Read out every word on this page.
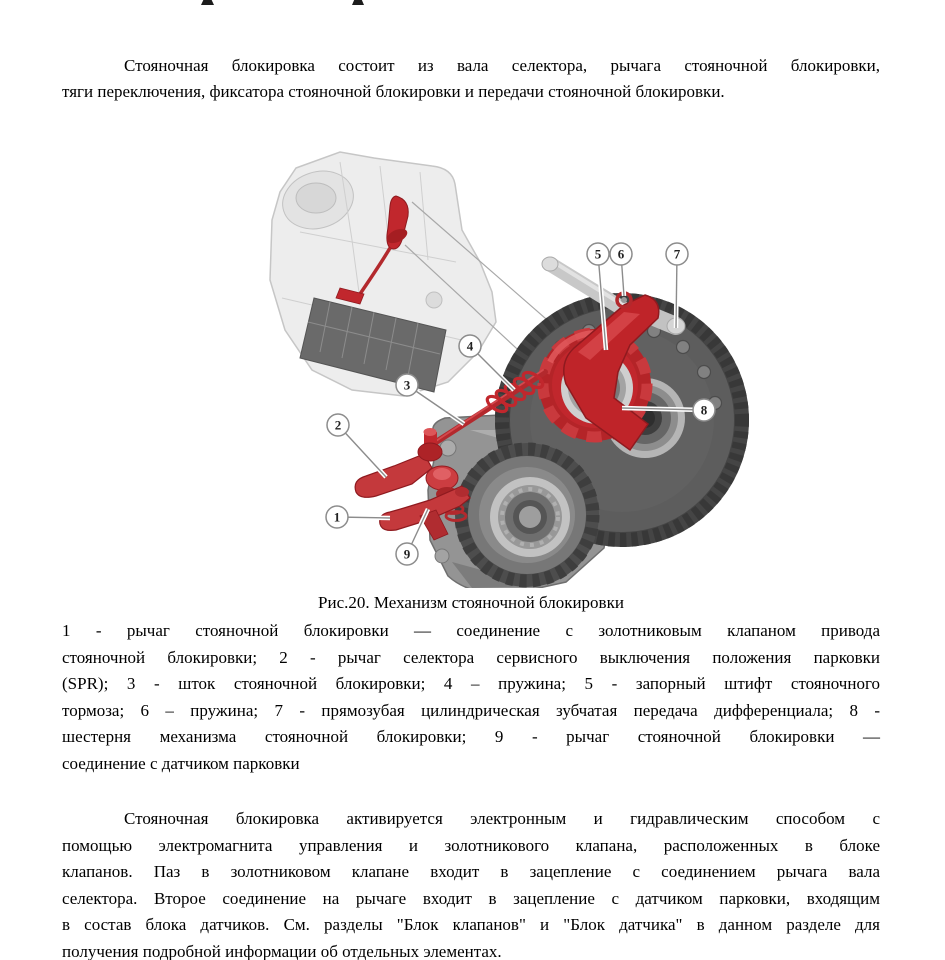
Стояночная блокировка состоит из вала селектора, рычага стояночной блокировки,
тяги переключения, фиксатора стояночной блокировки и передачи стояночной блокировки.
1
2
3
4
5 6	7
8
9
Рис.20. Механизм стояночной блокировки
1 - рычаг стояночной блокировки — соединение с золотниковым клапаном привода
стояночной блокировки; 2 - рычаг селектора сервисного выключения положения парковки
(SPR); 3 - шток стояночной блокировки; 4 – пружина; 5 - запорный штифт стояночного
тормоза; 6 – пружина; 7 - прямозубая цилиндрическая зубчатая передача дифференциала; 8 -
шестерня механизма стояночной блокировки; 9 - рычаг стояночной блокировки —
соединение с датчиком парковки
Стояночная блокировка активируется электронным и гидравлическим способом с
помощью электромагнита управления и золотникового клапана, расположенных в блоке
клапанов. Паз в золотниковом клапане входит в зацепление с соединением рычага вала
селектора. Второе соединение на рычаге входит в зацепление с датчиком парковки, входящим
в состав блока датчиков. См. разделы "Блок клапанов" и "Блок датчика" в данном разделе для
получения подробной информации об отдельных элементах.
